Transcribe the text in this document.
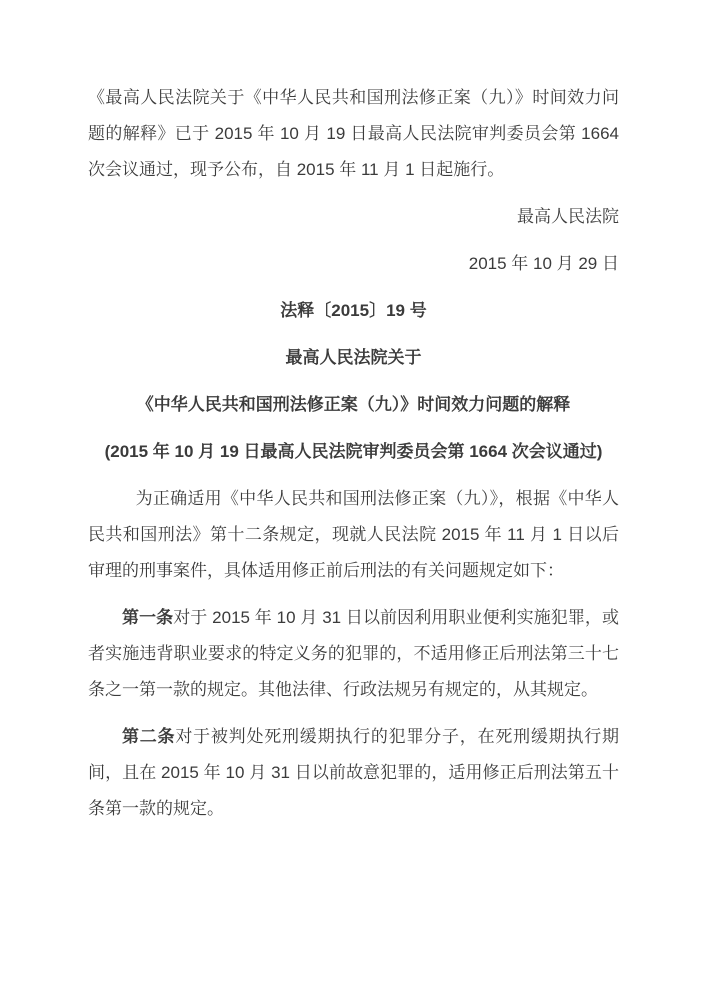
《最高人民法院关于《中华人民共和国刑法修正案（九）》时间效力问题的解释》已于 2015 年 10 月 19 日最高人民法院审判委员会第 1664 次会议通过，现予公布，自 2015 年 11 月 1 日起施行。

最高人民法院

2015 年 10 月 29 日

法释〔2015〕19 号

最高人民法院关于

《中华人民共和国刑法修正案（九）》时间效力问题的解释

(2015 年 10 月 19 日最高人民法院审判委员会第 1664 次会议通过)

为正确适用《中华人民共和国刑法修正案（九）》，根据《中华人民共和国刑法》第十二条规定，现就人民法院 2015 年 11 月 1 日以后审理的刑事案件，具体适用修正前后刑法的有关问题规定如下：

第一条对于 2015 年 10 月 31 日以前因利用职业便利实施犯罪，或者实施违背职业要求的特定义务的犯罪的，不适用修正后刑法第三十七条之一第一款的规定。其他法律、行政法规另有规定的，从其规定。

第二条对于被判处死刑缓期执行的犯罪分子，在死刑缓期执行期间，且在 2015 年 10 月 31 日以前故意犯罪的，适用修正后刑法第五十条第一款的规定。
